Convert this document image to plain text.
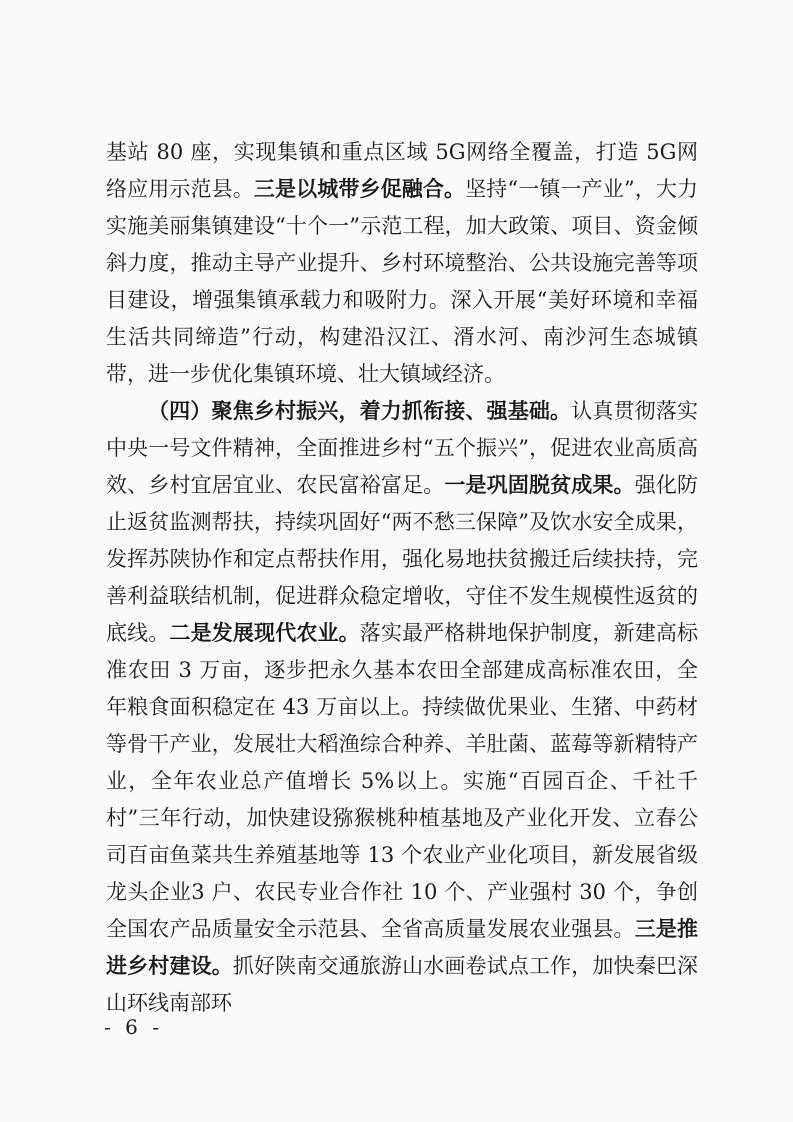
基站 80 座，实现集镇和重点区域 5G网络全覆盖，打造 5G网络应用示范县。三是以城带乡促融合。坚持“一镇一产业”，大力实施美丽集镇建设“十个一”示范工程，加大政策、项目、资金倾斜力度，推动主导产业提升、乡村环境整治、公共设施完善等项目建设，增强集镇承载力和吸附力。深入开展“美好环境和幸福生活共同缔造”行动，构建沿汉江、湑水河、南沙河生态城镇带，进一步优化集镇环境、壮大镇域经济。

（四）聚焦乡村振兴，着力抓衔接、强基础。认真贯彻落实中央一号文件精神，全面推进乡村“五个振兴”，促进农业高质高效、乡村宜居宜业、农民富裕富足。一是巩固脱贫成果。强化防止返贫监测帮扶，持续巩固好“两不愁三保障”及饮水安全成果，发挥苏陕协作和定点帮扶作用，强化易地扶贫搬迁后续扶持，完善利益联结机制，促进群众稳定增收，守住不发生规模性返贫的底线。二是发展现代农业。落实最严格耕地保护制度，新建高标准农田 3 万亩，逐步把永久基本农田全部建成高标准农田，全年粮食面积稳定在 43 万亩以上。持续做优果业、生猪、中药材等骨干产业，发展壮大稻渔综合种养、羊肚菌、蓝莓等新精特产业，全年农业总产值增长 5%以上。实施“百园百企、千社千村”三年行动，加快建设猕猴桃种植基地及产业化开发、立春公司百亩鱼菜共生养殖基地等 13 个农业产业化项目，新发展省级龙头企业3 户、农民专业合作社 10 个、产业强村 30 个，争创全国农产品质量安全示范县、全省高质量发展农业强县。三是推进乡村建设。抓好陕南交通旅游山水画卷试点工作，加快秦巴深山环线南部环

- 6 -
